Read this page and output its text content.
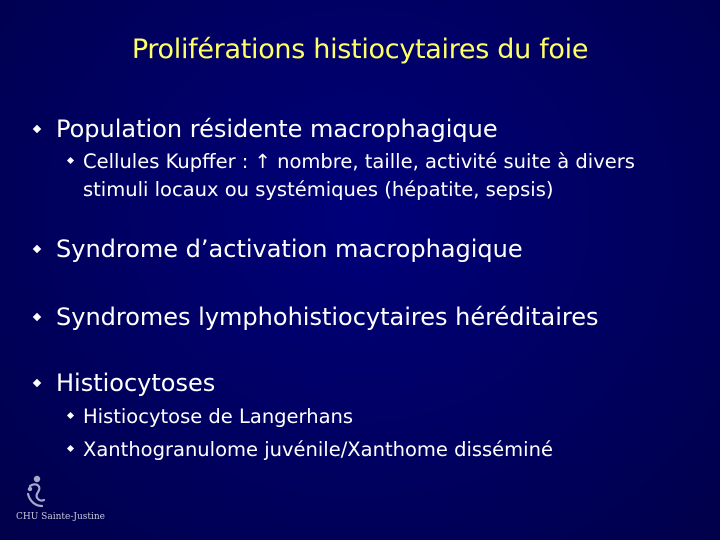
Proliférations histiocytaires du foie
Population résidente macrophagique
Cellules Kupffer : ↑ nombre, taille, activité suite à divers stimuli locaux ou systémiques (hépatite, sepsis)
Syndrome d’activation macrophagique
Syndromes lymphohistiocytaires héréditaires
Histiocytoses
Histiocytose de Langerhans
Xanthogranulome juvénile/Xanthome disséminé
CHU Sainte-Justine
